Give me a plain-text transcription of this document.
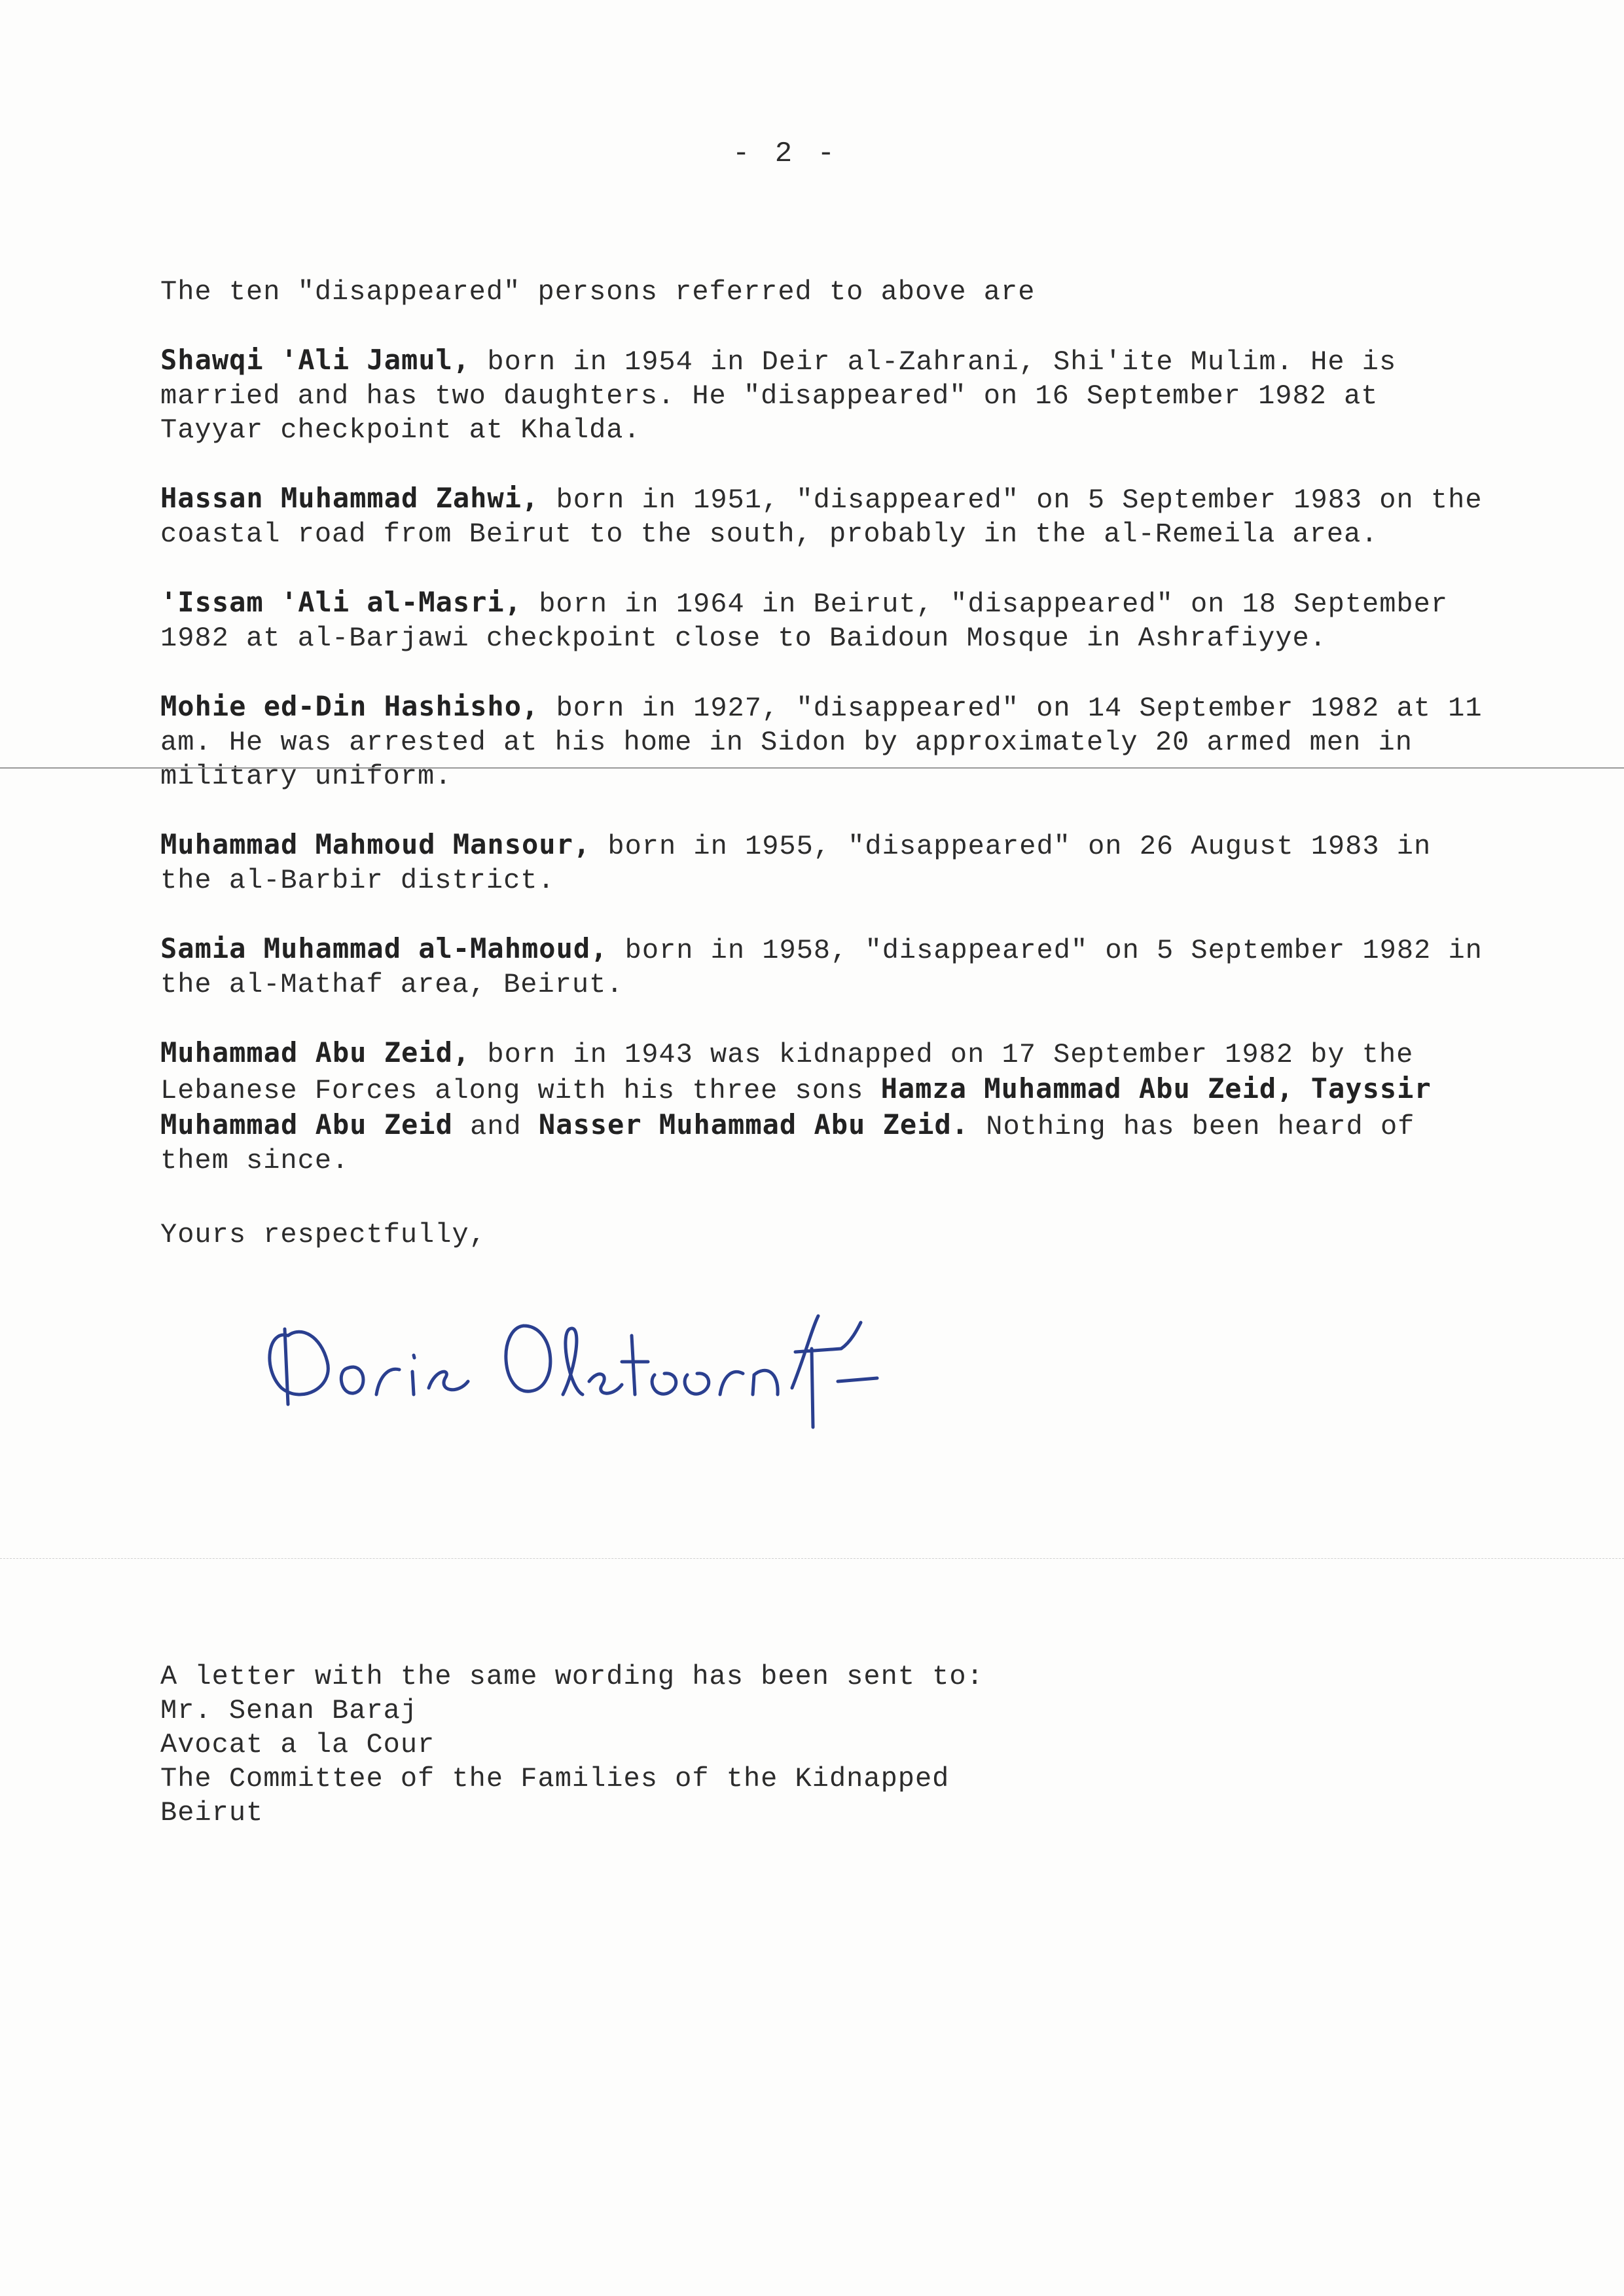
- 2 -
The ten "disappeared" persons referred to above are

Shawqi 'Ali Jamul, born in 1954 in Deir al-Zahrani, Shi'ite Mulim. He is married and has two daughters. He "disappeared" on 16 September 1982 at Tayyar checkpoint at Khalda.

Hassan Muhammad Zahwi, born in 1951, "disappeared" on 5 September 1983 on the coastal road from Beirut to the south, probably in the al-Remeila area.

'Issam 'Ali al-Masri, born in 1964 in Beirut, "disappeared" on 18 September 1982 at al-Barjawi checkpoint close to Baidoun Mosque in Ashrafiyye.

Mohie ed-Din Hashisho, born in 1927, "disappeared" on 14 September 1982 at 11 am. He was arrested at his home in Sidon by approximately 20 armed men in military uniform.

Muhammad Mahmoud Mansour, born in 1955, "disappeared" on 26 August 1983 in the al-Barbir district.

Samia Muhammad al-Mahmoud, born in 1958, "disappeared" on 5 September 1982 in the al-Mathaf area, Beirut.

Muhammad Abu Zeid, born in 1943 was kidnapped on 17 September 1982 by the Lebanese Forces along with his three sons Hamza Muhammad Abu Zeid, Tayssir Muhammad Abu Zeid and Nasser Muhammad Abu Zeid. Nothing has been heard of them since.

Yours respectfully,
A letter with the same wording has been sent to:
Mr. Senan Baraj
Avocat a la Cour
The Committee of the Families of the Kidnapped
Beirut
